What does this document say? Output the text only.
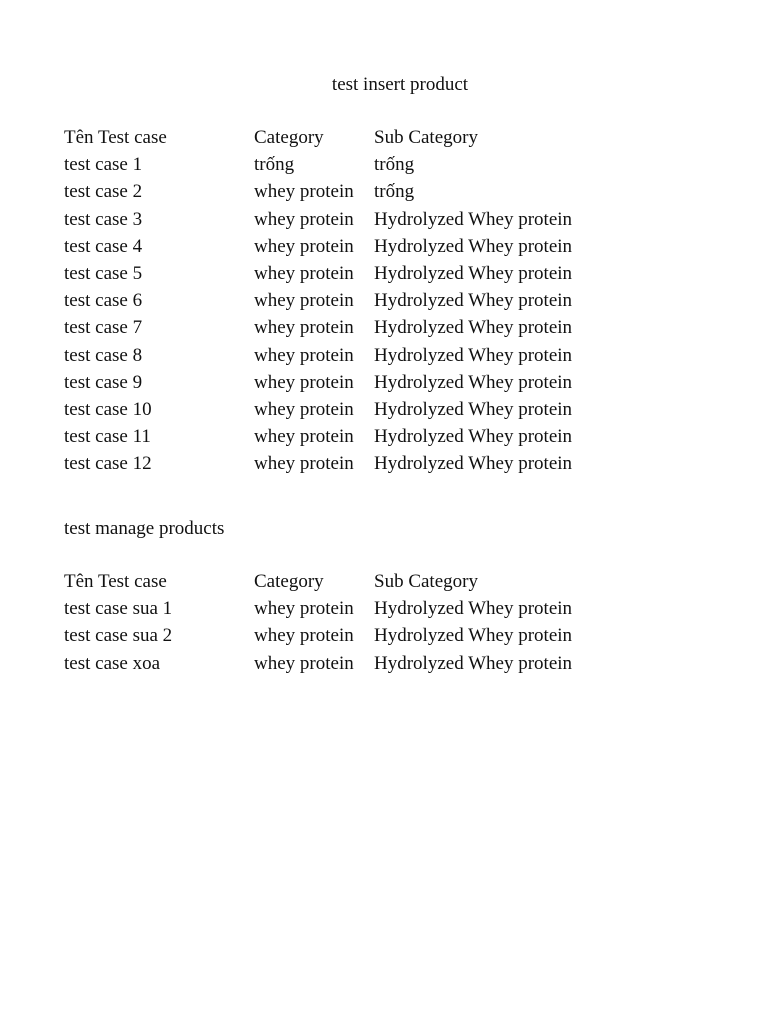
test insert product
Tên Test case	Category	Sub Category
test case 1	trống	trống
test case 2	whey protein	trống
test case 3	whey protein	Hydrolyzed Whey protein
test case 4	whey protein	Hydrolyzed Whey protein
test case 5	whey protein	Hydrolyzed Whey protein
test case 6	whey protein	Hydrolyzed Whey protein
test case 7	whey protein	Hydrolyzed Whey protein
test case 8	whey protein	Hydrolyzed Whey protein
test case 9	whey protein	Hydrolyzed Whey protein
test case 10	whey protein	Hydrolyzed Whey protein
test case 11	whey protein	Hydrolyzed Whey protein
test case 12	whey protein	Hydrolyzed Whey protein
test manage products
Tên Test case	Category	Sub Category
test case sua 1	whey protein	Hydrolyzed Whey protein
test case sua 2	whey protein	Hydrolyzed Whey protein
test case xoa	whey protein	Hydrolyzed Whey protein
